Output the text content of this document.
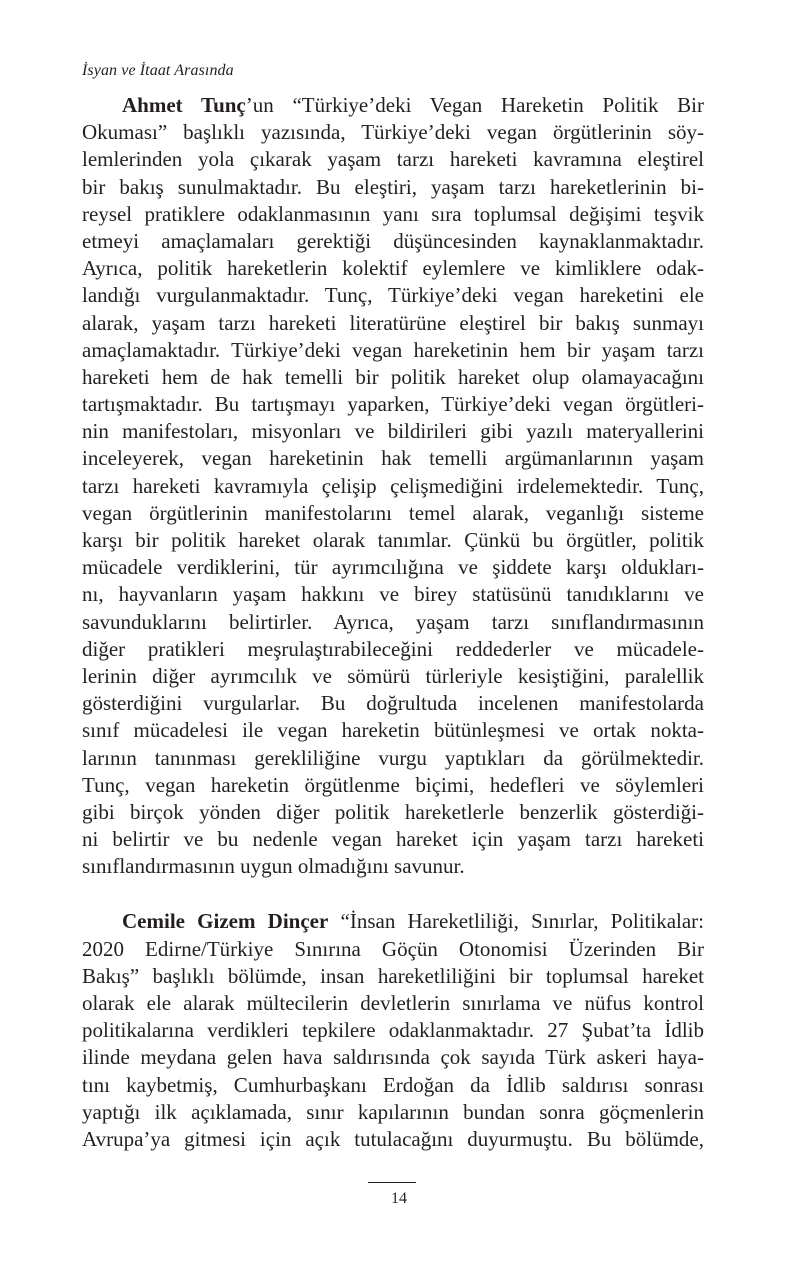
İsyan ve İtaat Arasında
Ahmet Tunç’un “Türkiye’deki Vegan Hareketin Politik Bir
Okuması” başlıklı yazısında, Türkiye’deki vegan örgütlerinin söy-
lemlerinden yola çıkarak yaşam tarzı hareketi kavramına eleştirel
bir bakış sunulmaktadır. Bu eleştiri, yaşam tarzı hareketlerinin bi-
reysel pratiklere odaklanmasının yanı sıra toplumsal değişimi teşvik
etmeyi amaçlamaları gerektiği düşüncesinden kaynaklanmaktadır.
Ayrıca, politik hareketlerin kolektif eylemlere ve kimliklere odak-
landığı vurgulanmaktadır. Tunç, Türkiye’deki vegan hareketini ele
alarak, yaşam tarzı hareketi literatürüne eleştirel bir bakış sunmayı
amaçlamaktadır. Türkiye’deki vegan hareketinin hem bir yaşam tarzı
hareketi hem de hak temelli bir politik hareket olup olamayacağını
tartışmaktadır. Bu tartışmayı yaparken, Türkiye’deki vegan örgütleri-
nin manifestoları, misyonları ve bildirileri gibi yazılı materyallerini
inceleyerek, vegan hareketinin hak temelli argümanlarının yaşam
tarzı hareketi kavramıyla çelişip çelişmediğini irdelemektedir. Tunç,
vegan örgütlerinin manifestolarını temel alarak, veganlığı sisteme
karşı bir politik hareket olarak tanımlar. Çünkü bu örgütler, politik
mücadele verdiklerini, tür ayrımcılığına ve şiddete karşı oldukları-
nı, hayvanların yaşam hakkını ve birey statüsünü tanıdıklarını ve
savunduklarını belirtirler. Ayrıca, yaşam tarzı sınıflandırmasının
diğer pratikleri meşrulaştırabileceğini reddederler ve mücadele-
lerinin diğer ayrımcılık ve sömürü türleriyle kesiştiğini, paralellik
gösterdiğini vurgularlar. Bu doğrultuda incelenen manifestolarda
sınıf mücadelesi ile vegan hareketin bütünleşmesi ve ortak nokta-
larının tanınması gerekliliğine vurgu yaptıkları da görülmektedir.
Tunç, vegan hareketin örgütlenme biçimi, hedefleri ve söylemleri
gibi birçok yönden diğer politik hareketlerle benzerlik gösterdiği-
ni belirtir ve bu nedenle vegan hareket için yaşam tarzı hareketi
sınıflandırmasının uygun olmadığını savunur.
Cemile Gizem Dinçer “İnsan Hareketliliği, Sınırlar, Politikalar:
2020 Edirne/Türkiye Sınırına Göçün Otonomisi Üzerinden Bir
Bakış” başlıklı bölümde, insan hareketliliğini bir toplumsal hareket
olarak ele alarak mültecilerin devletlerin sınırlama ve nüfus kontrol
politikalarına verdikleri tepkilere odaklanmaktadır. 27 Şubat’ta İdlib
ilinde meydana gelen hava saldırısında çok sayıda Türk askeri haya-
tını kaybetmiş, Cumhurbaşkanı Erdoğan da İdlib saldırısı sonrası
yaptığı ilk açıklamada, sınır kapılarının bundan sonra göçmenlerin
Avrupa’ya gitmesi için açık tutulacağını duyurmuştu. Bu bölümde,
14
